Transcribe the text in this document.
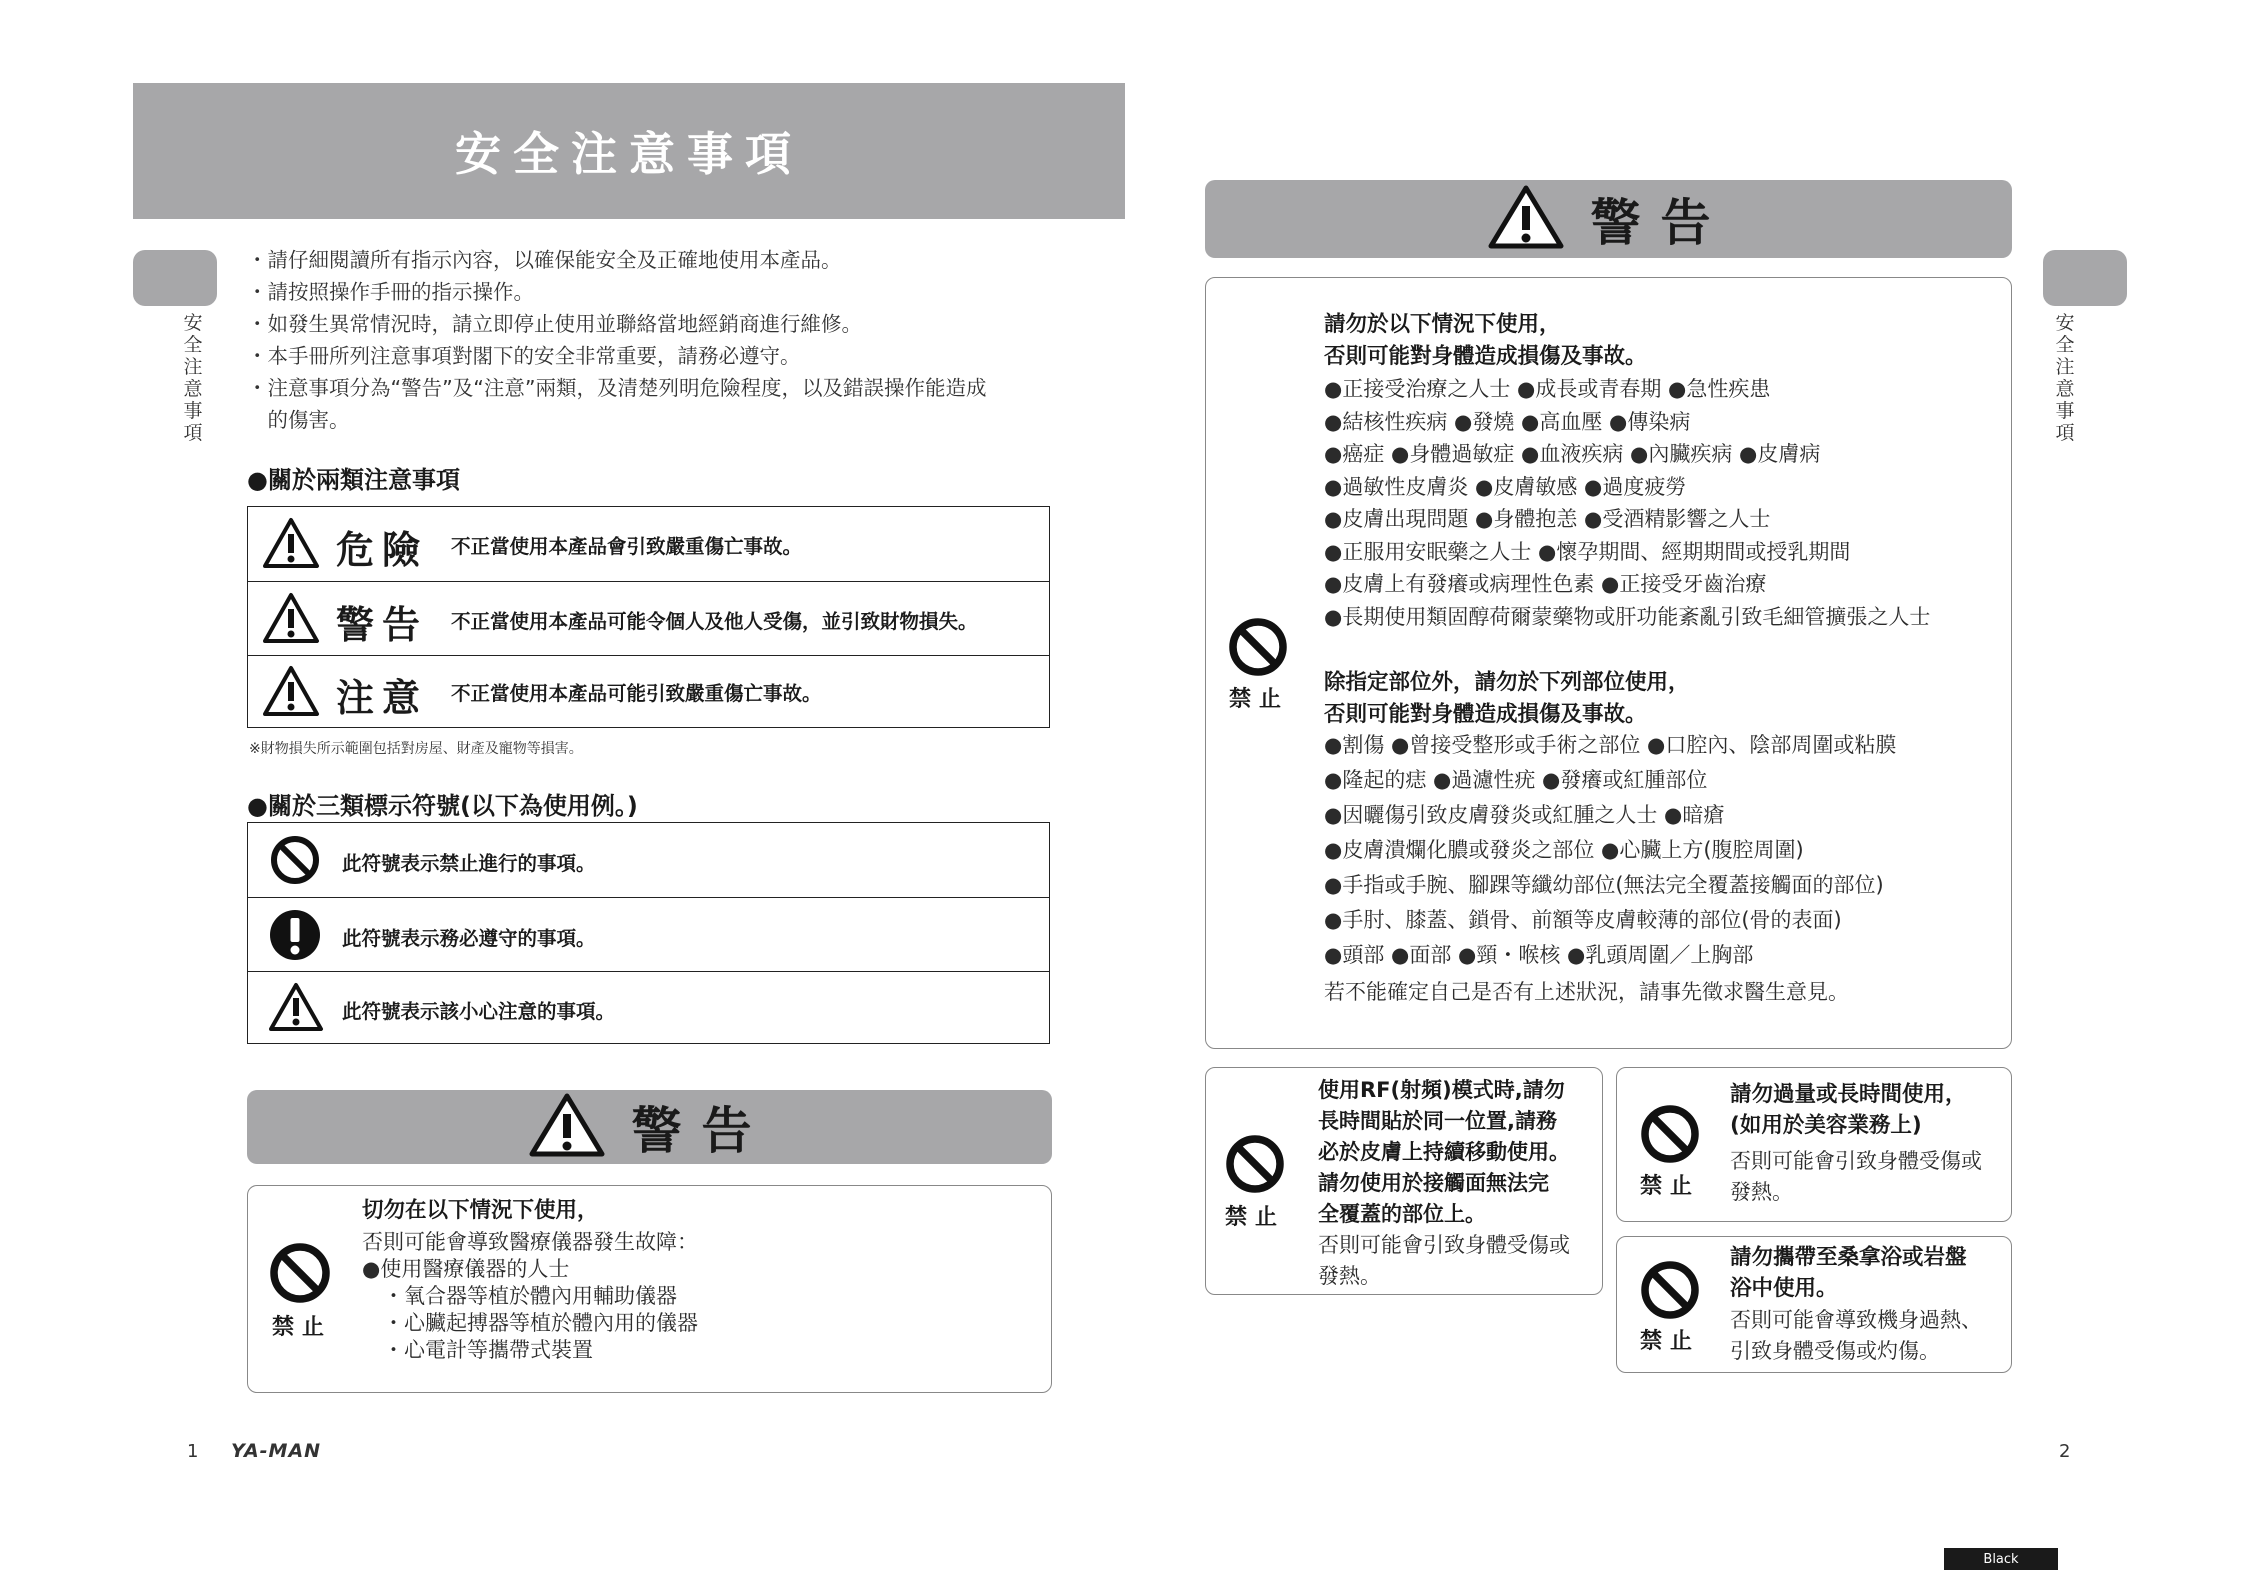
安全注意事項
安
全
注
意
事
項
・請仔細閱讀所有指示內容，以確保能安全及正確地使用本產品。
・請按照操作手冊的指示操作。
・如發生異常情況時，請立即停止使用並聯絡當地經銷商進行維修。
・本手冊所列注意事項對閣下的安全非常重要，請務必遵守。
・注意事項分為“警告”及“注意”兩類，及清楚列明危險程度，以及錯誤操作能造成
　的傷害。
●關於兩類注意事項
危險 不正當使用本產品會引致嚴重傷亡事故。
警告 不正當使用本產品可能令個人及他人受傷，並引致財物損失。
注意 不正當使用本產品可能引致嚴重傷亡事故。
※財物損失所示範圍包括對房屋、財產及寵物等損害。
●關於三類標示符號(以下為使用例。)
此符號表示禁止進行的事項。
此符號表示務必遵守的事項。
此符號表示該小心注意的事項。
警告
禁止
切勿在以下情況下使用，
否則可能會導致醫療儀器發生故障：
●使用醫療儀器的人士
　・氧合器等植於體內用輔助儀器
　・心臟起搏器等植於體內用的儀器
　・心電計等攜帶式裝置
1 YA-MAN
警告
安
全
注
意
事
項
禁止
請勿於以下情況下使用，
否則可能對身體造成損傷及事故。
●正接受治療之人士 ●成長或青春期 ●急性疾患
●結核性疾病 ●發燒 ●高血壓 ●傳染病
●癌症 ●身體過敏症 ●血液疾病 ●內臟疾病 ●皮膚病
●過敏性皮膚炎 ●皮膚敏感 ●過度疲勞
●皮膚出現問題 ●身體抱恙 ●受酒精影響之人士
●正服用安眠藥之人士 ●懷孕期間、經期期間或授乳期間
●皮膚上有發癢或病理性色素 ●正接受牙齒治療
●長期使用類固醇荷爾蒙藥物或肝功能紊亂引致毛細管擴張之人士
除指定部位外，請勿於下列部位使用，
否則可能對身體造成損傷及事故。
●割傷 ●曾接受整形或手術之部位 ●口腔內、陰部周圍或粘膜
●隆起的痣 ●過濾性疣 ●發癢或紅腫部位
●因曬傷引致皮膚發炎或紅腫之人士 ●暗瘡
●皮膚潰爛化膿或發炎之部位 ●心臟上方(腹腔周圍)
●手指或手腕、腳踝等纖幼部位(無法完全覆蓋接觸面的部位)
●手肘、膝蓋、鎖骨、前額等皮膚較薄的部位(骨的表面)
●頭部 ●面部 ●頸・喉核 ●乳頭周圍／上胸部
若不能確定自己是否有上述狀況，請事先徵求醫生意見。
禁止
使用RF(射頻)模式時,請勿
長時間貼於同一位置,請務
必於皮膚上持續移動使用。
請勿使用於接觸面無法完
全覆蓋的部位上。
否則可能會引致身體受傷或
發熱。
禁止
請勿過量或長時間使用，
(如用於美容業務上)
否則可能會引致身體受傷或
發熱。
禁止
請勿攜帶至桑拿浴或岩盤
浴中使用。
否則可能會導致機身過熱、
引致身體受傷或灼傷。
2
Black
